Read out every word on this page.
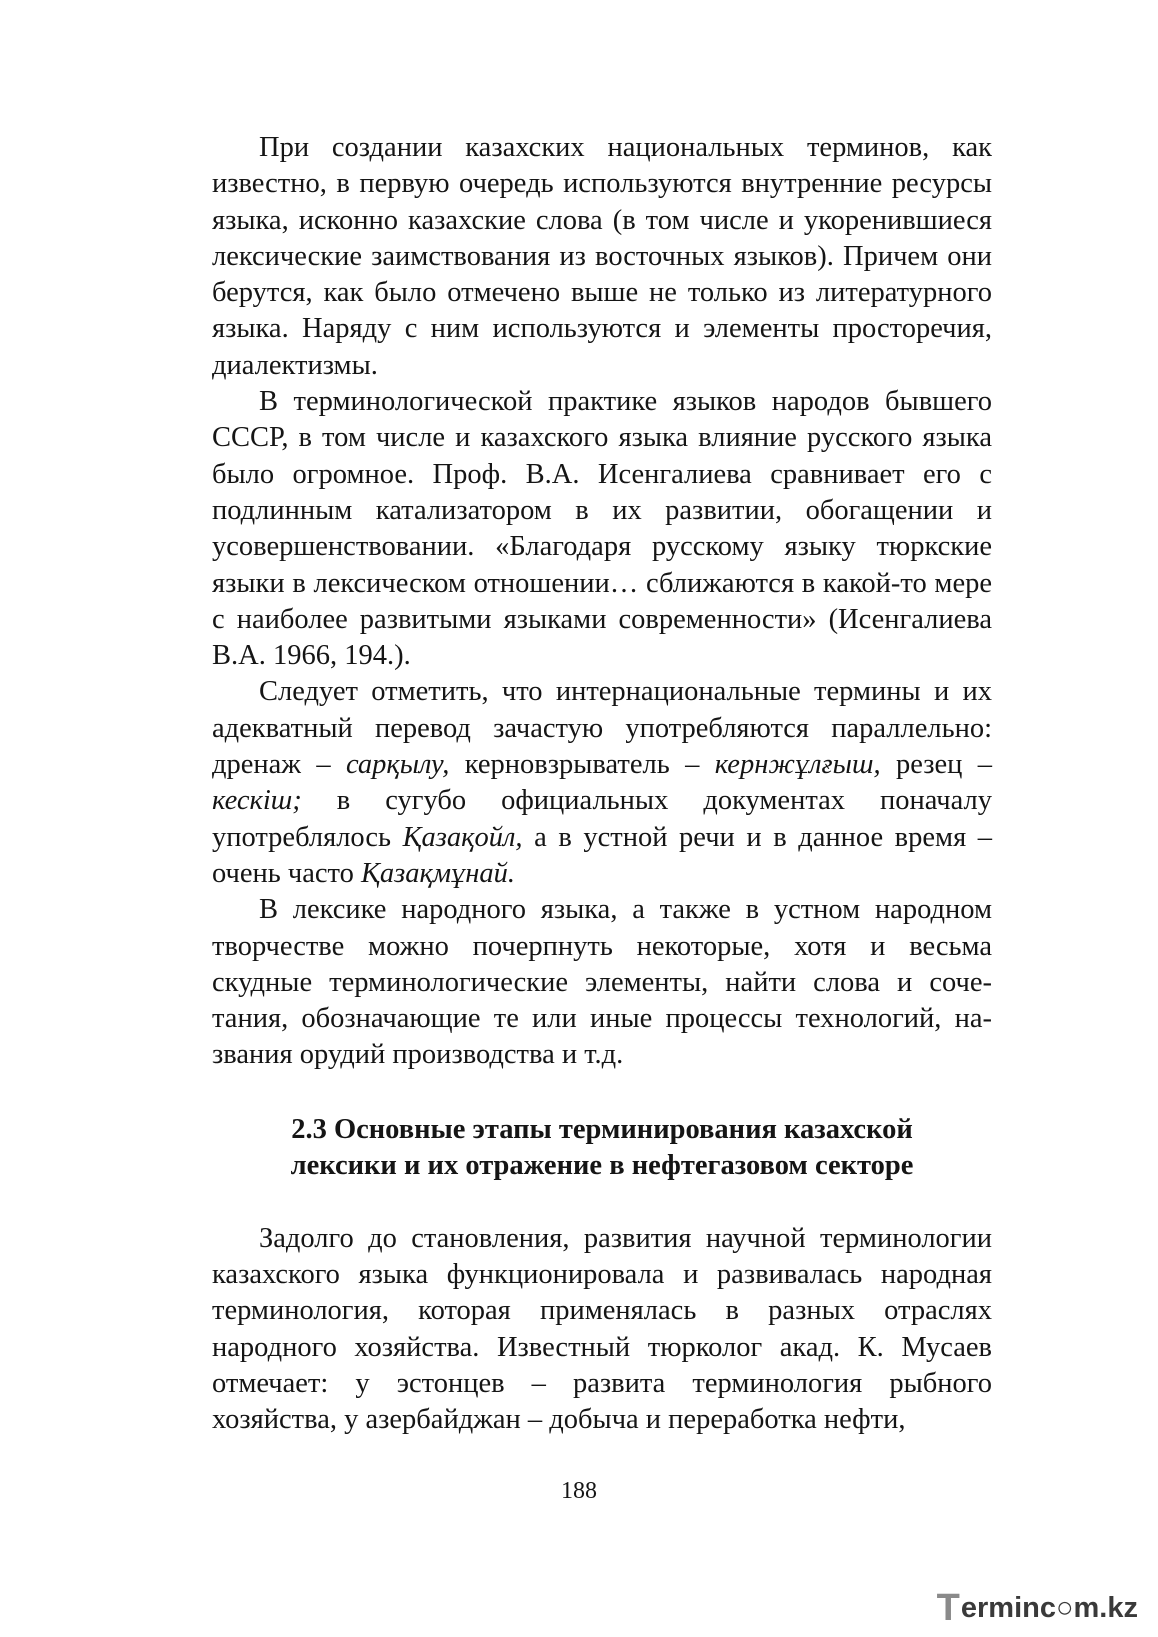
При создании казахских национальных терминов, как известно, в первую очередь используются внутренние ресурсы языка, исконно казахские слова (в том числе и укоренившиеся лексические заимствования из восточных языков). Причем они берутся, как было отмечено выше не только из литературного языка. Наряду с ним используются и элементы просторечия, диалектизмы.

В терминологической практике языков народов бывшего СССР, в том числе и казахского языка влияние русского языка было огромное. Проф. В.А. Исенгалиева сравнивает его с подлинным катализатором в их развитии, обогащении и усовершенствовании. «Благодаря русскому языку тюркские языки в лексическом отношении… сближаются в какой-то мере с наиболее развитыми языками современности» (Исенгалиева В.А. 1966, 194.).

Следует отметить, что интернациональные термины и их адекватный перевод зачастую употребляются параллельно: дренаж – сарқылу, керновзрыватель – кернжұлғыш, резец – кескіш; в сугубо официальных документах поначалу употреблялось Қазақойл, а в устной речи и в данное время – очень часто Қазақмұнай.

В лексике народного языка, а также в устном народном творчестве можно почерпнуть некоторые, хотя и весьма скудные терминологические элементы, найти слова и сочетания, обозначающие те или иные процессы технологий, названия орудий производства и т.д.

2.3 Основные этапы терминирования казахской
лексики и их отражение в нефтегазовом секторе

Задолго до становления, развития научной терминологии казахского языка функционировала и развивалась народная терминология, которая применялась в разных отраслях народного хозяйства. Известный тюрколог акад. К. Мусаев отмечает: у эстонцев – развита терминология рыбного хозяйства, у азербайджан – добыча и переработка нефти,

188
T erminc ○ m.kz
